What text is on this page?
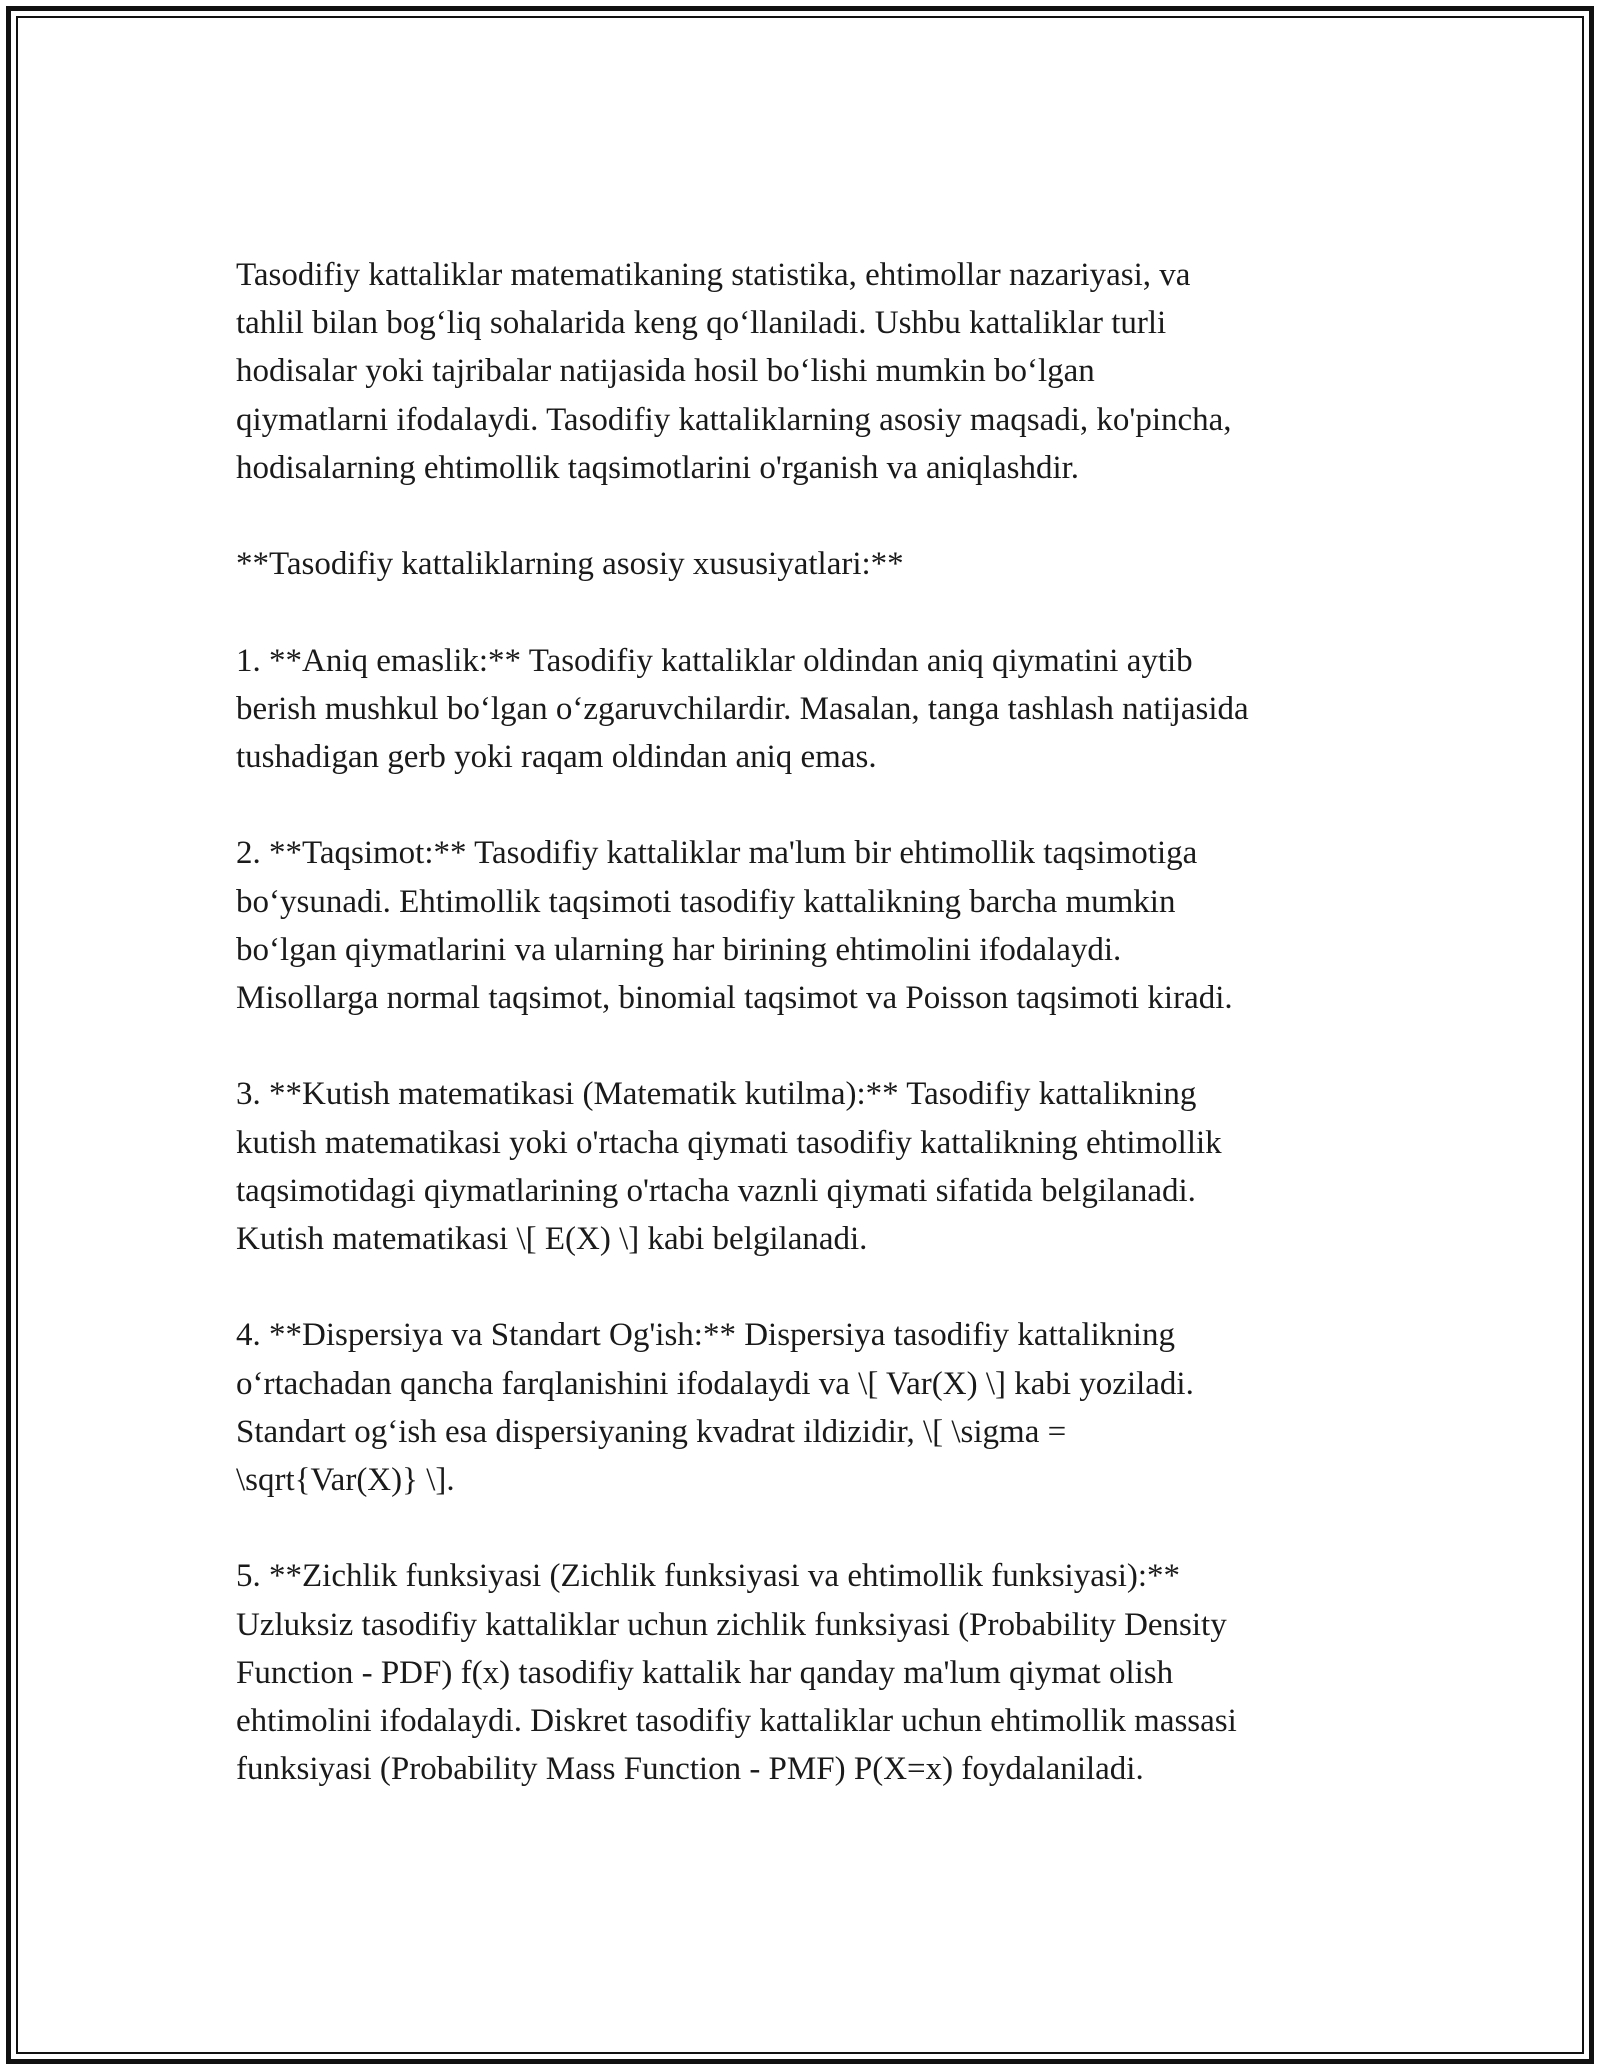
Tasodifiy kattaliklar matematikaning statistika, ehtimollar nazariyasi, va
tahlil bilan bog‘liq sohalarida keng qo‘llaniladi. Ushbu kattaliklar turli
hodisalar yoki tajribalar natijasida hosil bo‘lishi mumkin bo‘lgan
qiymatlarni ifodalaydi. Tasodifiy kattaliklarning asosiy maqsadi, ko'pincha,
hodisalarning ehtimollik taqsimotlarini o'rganish va aniqlashdir.

**Tasodifiy kattaliklarning asosiy xususiyatlari:**

1. **Aniq emaslik:** Tasodifiy kattaliklar oldindan aniq qiymatini aytib
berish mushkul bo‘lgan o‘zgaruvchilardir. Masalan, tanga tashlash natijasida
tushadigan gerb yoki raqam oldindan aniq emas.

2. **Taqsimot:** Tasodifiy kattaliklar ma'lum bir ehtimollik taqsimotiga
bo‘ysunadi. Ehtimollik taqsimoti tasodifiy kattalikning barcha mumkin
bo‘lgan qiymatlarini va ularning har birining ehtimolini ifodalaydi.
Misollarga normal taqsimot, binomial taqsimot va Poisson taqsimoti kiradi.

3. **Kutish matematikasi (Matematik kutilma):** Tasodifiy kattalikning
kutish matematikasi yoki o'rtacha qiymati tasodifiy kattalikning ehtimollik
taqsimotidagi qiymatlarining o'rtacha vaznli qiymati sifatida belgilanadi.
Kutish matematikasi \[ E(X) \] kabi belgilanadi.

4. **Dispersiya va Standart Og'ish:** Dispersiya tasodifiy kattalikning
o‘rtachadan qancha farqlanishini ifodalaydi va \[ Var(X) \] kabi yoziladi.
Standart og‘ish esa dispersiyaning kvadrat ildizidir, \[ \sigma =
\sqrt{Var(X)} \].

5. **Zichlik funksiyasi (Zichlik funksiyasi va ehtimollik funksiyasi):**
Uzluksiz tasodifiy kattaliklar uchun zichlik funksiyasi (Probability Density
Function - PDF) f(x) tasodifiy kattalik har qanday ma'lum qiymat olish
ehtimolini ifodalaydi. Diskret tasodifiy kattaliklar uchun ehtimollik massasi
funksiyasi (Probability Mass Function - PMF) P(X=x) foydalaniladi.
